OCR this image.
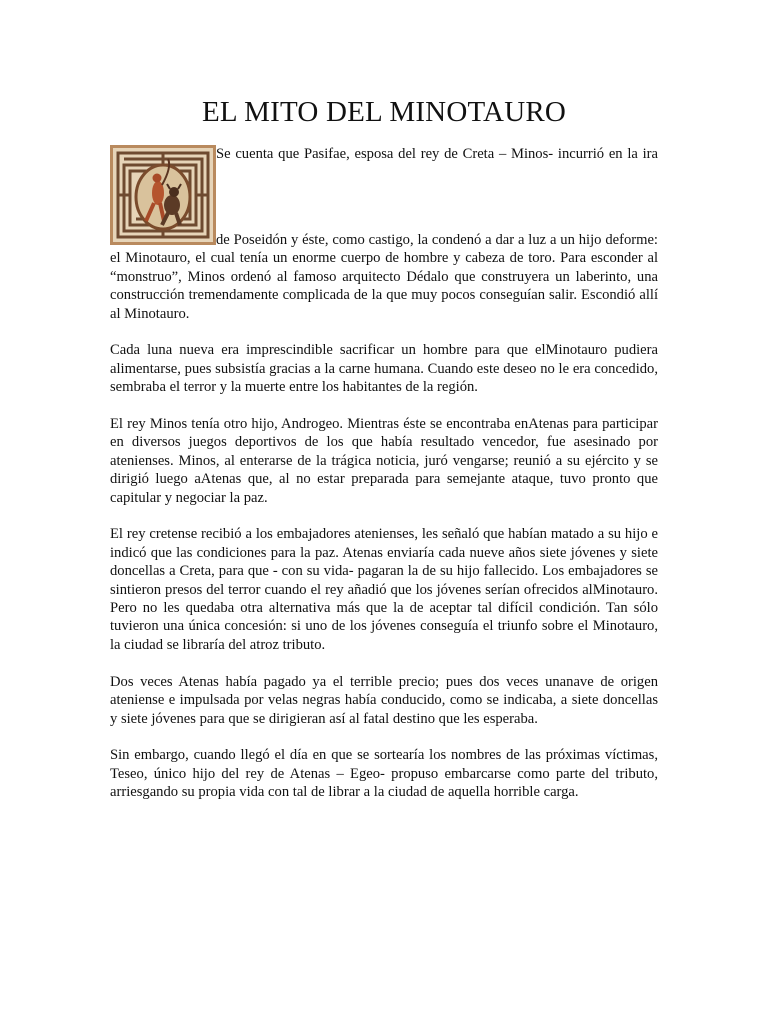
EL MITO DEL MINOTAURO

Se cuenta que Pasifae, esposa del rey de Creta – Minos- incurrió en la ira de Poseidón y éste, como castigo, la condenó a dar a luz a un hijo deforme: el Minotauro, el cual tenía un enorme cuerpo de hombre y cabeza de toro. Para esconder al “monstruo”, Minos ordenó al famoso arquitecto Dédalo que construyera un laberinto, una construcción tremendamente complicada de la que muy pocos conseguían salir. Escondió allí al Minotauro.

Cada luna nueva era imprescindible sacrificar un hombre para que elMinotauro pudiera alimentarse, pues subsistía gracias a la carne humana. Cuando este deseo no le era concedido, sembraba el terror y la muerte entre los habitantes de la región.

El rey Minos tenía otro hijo, Androgeo. Mientras éste se encontraba enAtenas para participar en diversos juegos deportivos de los que había resultado vencedor, fue asesinado por atenienses. Minos, al enterarse de la trágica noticia, juró vengarse; reunió a su ejército y se dirigió luego aAtenas que, al no estar preparada para semejante ataque, tuvo pronto que capitular y negociar la paz.

El rey cretense recibió a los embajadores atenienses, les señaló que habían matado a su hijo e indicó que las condiciones para la paz. Atenas enviaría cada nueve años siete jóvenes y siete doncellas a Creta, para que - con su vida- pagaran la de su hijo fallecido. Los embajadores se sintieron presos del terror cuando el rey añadió que los jóvenes serían ofrecidos alMinotauro. Pero no les quedaba otra alternativa más que la de aceptar tal difícil condición. Tan sólo tuvieron una única concesión: si uno de los jóvenes conseguía el triunfo sobre el Minotauro, la ciudad se libraría del atroz tributo.

Dos veces Atenas había pagado ya el terrible precio; pues dos veces unanave de origen ateniense e impulsada por velas negras había conducido, como se indicaba, a siete doncellas y siete jóvenes para que se dirigieran así al fatal destino que les esperaba.

Sin embargo, cuando llegó el día en que se sortearía los nombres de las próximas víctimas, Teseo, único hijo del rey de Atenas – Egeo- propuso embarcarse como parte del tributo, arriesgando su propia vida con tal de librar a la ciudad de aquella horrible carga.
